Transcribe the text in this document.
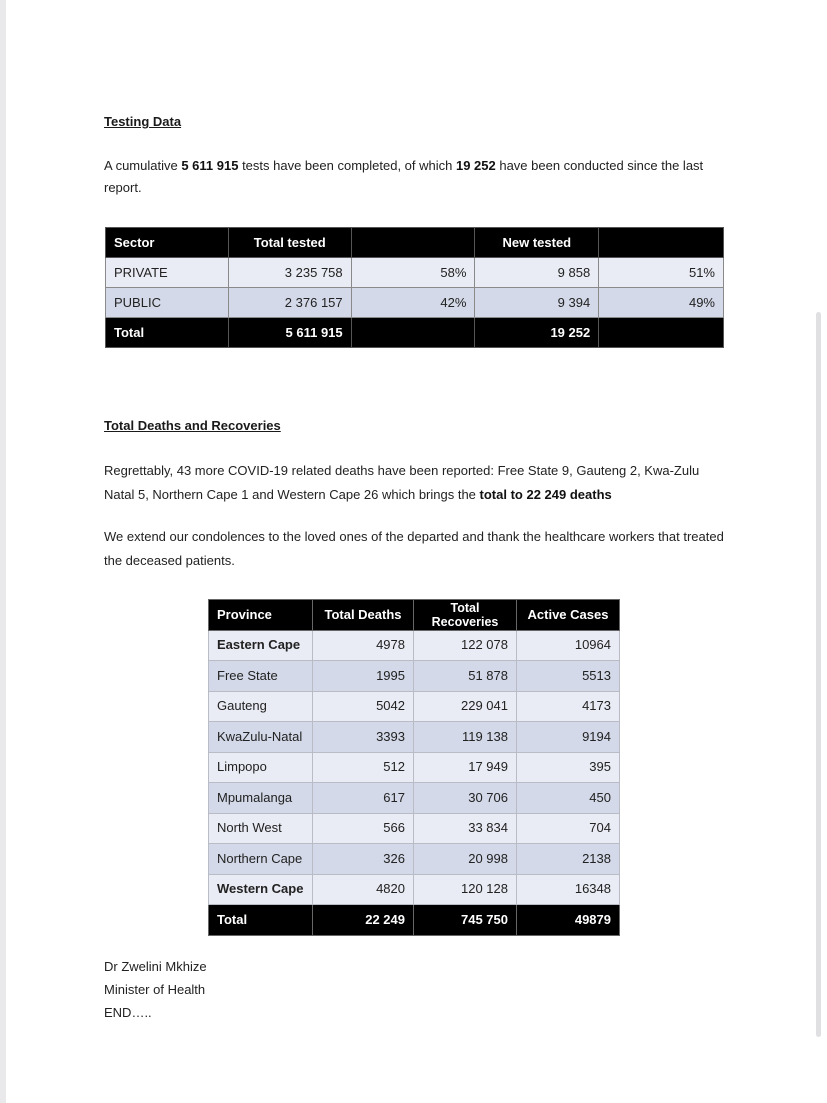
Testing Data
A cumulative 5 611 915 tests have been completed, of which 19 252 have been conducted since the last report.
Sector	Total tested		New tested	
PRIVATE	3 235 758	58%	9 858	51%
PUBLIC	2 376 157	42%	9 394	49%
Total	5 611 915		19 252	
Total Deaths and Recoveries
Regrettably, 43 more COVID-19 related deaths have been reported: Free State 9, Gauteng 2, Kwa-Zulu Natal 5, Northern Cape 1 and Western Cape 26 which brings the total to 22 249 deaths
We extend our condolences to the loved ones of the departed and thank the healthcare workers that treated the deceased patients.
Province	Total Deaths	Total Recoveries	Active Cases
Eastern Cape	4978	122 078	10964
Free State	1995	51 878	5513
Gauteng	5042	229 041	4173
KwaZulu-Natal	3393	119 138	9194
Limpopo	512	17 949	395
Mpumalanga	617	30 706	450
North West	566	33 834	704
Northern Cape	326	20 998	2138
Western Cape	4820	120 128	16348
Total	22 249	745 750	49879
Dr Zwelini Mkhize
Minister of Health
END…..
